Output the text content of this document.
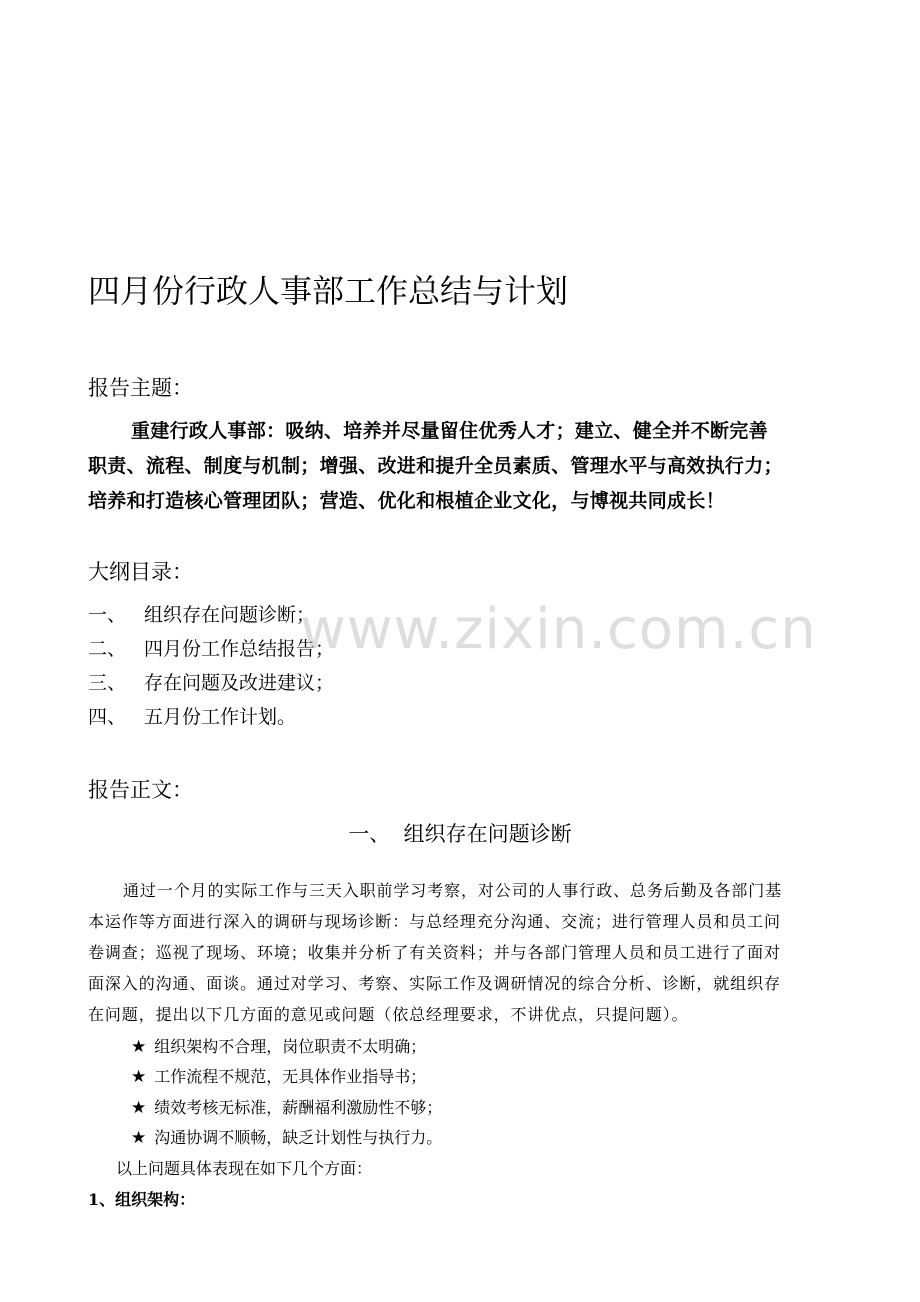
四月份行政人事部工作总结与计划
报告主题：
重建行政人事部：吸纳、培养并尽量留住优秀人才；建立、健全并不断完善
职责、流程、制度与机制；增强、改进和提升全员素质、管理水平与高效执行力；
培养和打造核心管理团队；营造、优化和根植企业文化，与博视共同成长！
大纲目录：
一、 组织存在问题诊断；
二、 四月份工作总结报告；
三、 存在问题及改进建议；
四、 五月份工作计划。
报告正文：
一、 组织存在问题诊断
通过一个月的实际工作与三天入职前学习考察，对公司的人事行政、总务后勤及各部门基
本运作等方面进行深入的调研与现场诊断：与总经理充分沟通、交流；进行管理人员和员工问
卷调查；巡视了现场、环境；收集并分析了有关资料；并与各部门管理人员和员工进行了面对
面深入的沟通、面谈。通过对学习、考察、实际工作及调研情况的综合分析、诊断，就组织存
在问题，提出以下几方面的意见或问题（依总经理要求，不讲优点，只提问题）。
★ 组织架构不合理，岗位职责不太明确；
★ 工作流程不规范，无具体作业指导书；
★ 绩效考核无标准，薪酬福利激励性不够；
★ 沟通协调不顺畅，缺乏计划性与执行力。
以上问题具体表现在如下几个方面：
1、组织架构：
www.zixin.com.cn
